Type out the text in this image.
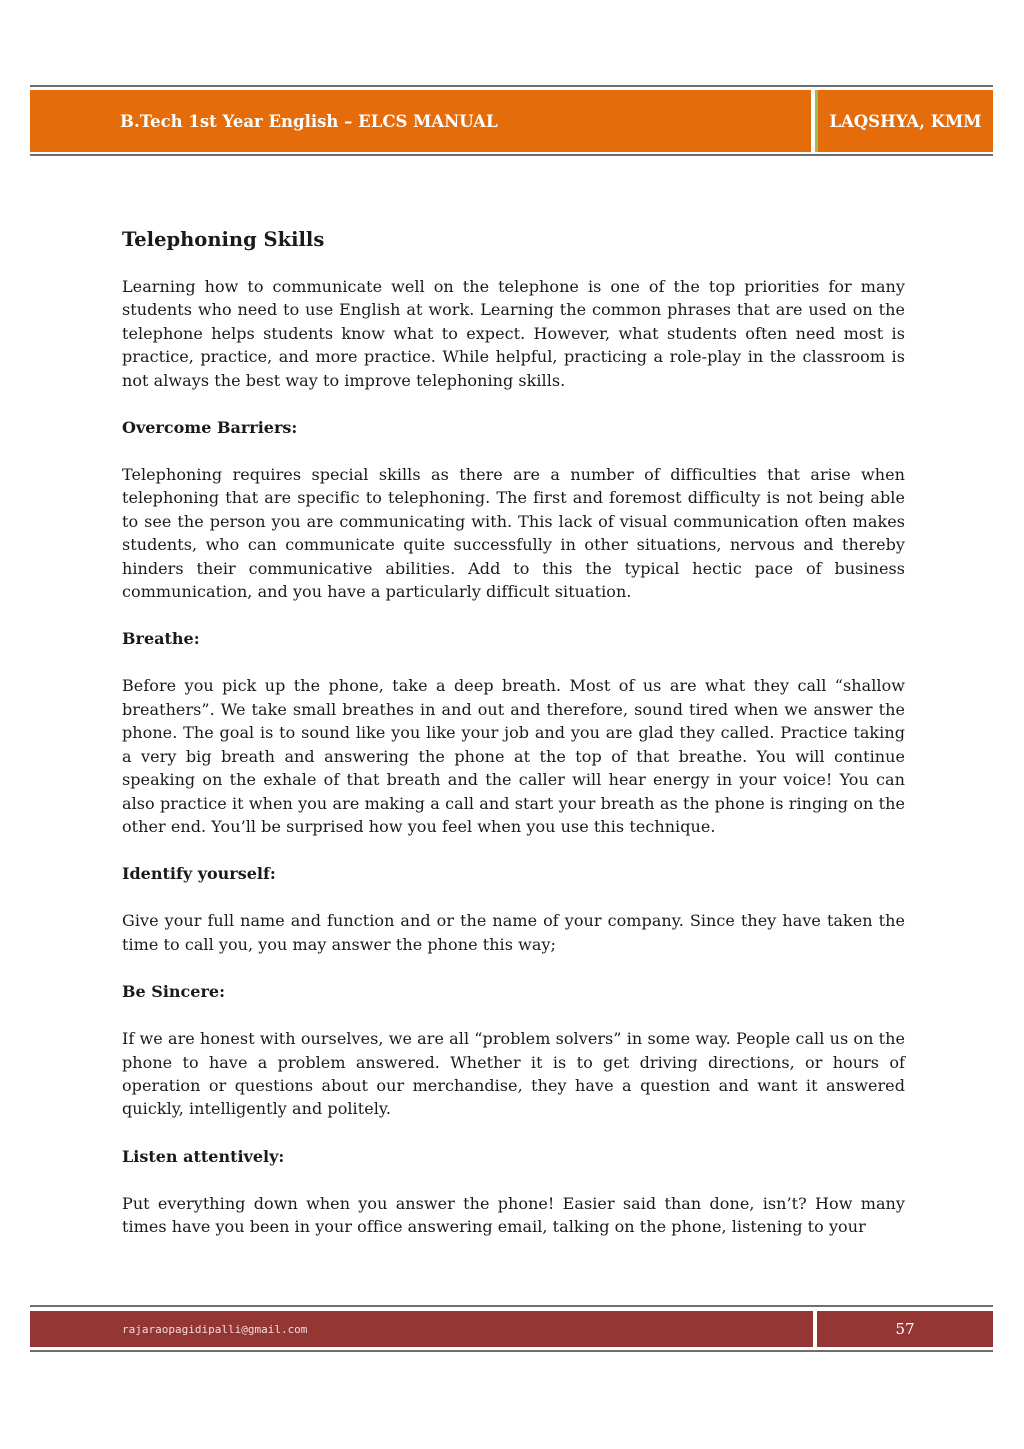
B.Tech 1st Year English – ELCS MANUAL	LAQSHYA, KMM
Telephoning Skills

Learning how to communicate well on the telephone is one of the top priorities for many students who need to use English at work. Learning the common phrases that are used on the telephone helps students know what to expect. However, what students often need most is practice, practice, and more practice. While helpful, practicing a role-play in the classroom is not always the best way to improve telephoning skills.

Overcome Barriers:

Telephoning requires special skills as there are a number of difficulties that arise when telephoning that are specific to telephoning. The first and foremost difficulty is not being able to see the person you are communicating with. This lack of visual communication often makes students, who can communicate quite successfully in other situations, nervous and thereby hinders their communicative abilities. Add to this the typical hectic pace of business communication, and you have a particularly difficult situation.

Breathe:

Before you pick up the phone, take a deep breath. Most of us are what they call “shallow breathers”. We take small breathes in and out and therefore, sound tired when we answer the phone. The goal is to sound like you like your job and you are glad they called. Practice taking a very big breath and answering the phone at the top of that breathe. You will continue speaking on the exhale of that breath and the caller will hear energy in your voice! You can also practice it when you are making a call and start your breath as the phone is ringing on the other end. You’ll be surprised how you feel when you use this technique.

Identify yourself:

Give your full name and function and or the name of your company. Since they have taken the time to call you, you may answer the phone this way;

Be Sincere:

If we are honest with ourselves, we are all “problem solvers” in some way. People call us on the phone to have a problem answered. Whether it is to get driving directions, or hours of operation or questions about our merchandise, they have a question and want it answered quickly, intelligently and politely.

Listen attentively:

Put everything down when you answer the phone! Easier said than done, isn’t? How many times have you been in your office answering email, talking on the phone, listening to your

rajaraopagidipalli@gmail.com	57
